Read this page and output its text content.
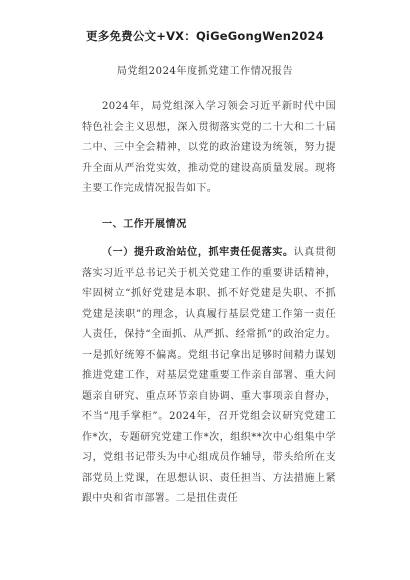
更多免费公文+VX：QiGeGongWen2024
局党组2024年度抓党建工作情况报告

2024年，局党组深入学习领会习近平新时代中国特色社会主义思想，深入贯彻落实党的二十大和二十届二中、三中全会精神，以党的政治建设为统领，努力提升全面从严治党实效，推动党的建设高质量发展。现将主要工作完成情况报告如下。

一、工作开展情况

（一）提升政治站位，抓牢责任促落实。认真贯彻落实习近平总书记关于机关党建工作的重要讲话精神，牢固树立“抓好党建是本职、抓不好党建是失职、不抓党建是渎职”的理念，认真履行基层党建工作第一责任人责任，保持“全面抓、从严抓、经常抓”的政治定力。一是抓好统筹不偏离。党组书记拿出足够时间精力谋划推进党建工作，对基层党建重要工作亲自部署、重大问题亲自研究、重点环节亲自协调、重大事项亲自督办，不当“甩手掌柜”。2024年，召开党组会议研究党建工作*次，专题研究党建工作*次，组织**次中心组集中学习，党组书记带头为中心组成员作辅导，带头给所在支部党员上党课，在思想认识、责任担当、方法措施上紧跟中央和省市部署。二是扭住责任
